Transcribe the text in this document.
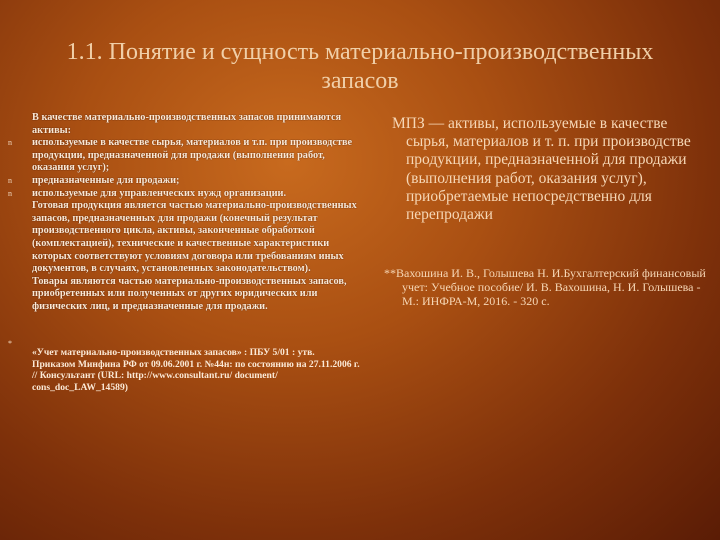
1.1. Понятие и сущность материально-производственных запасов

В качестве материально-производственных запасов принимаются активы:

n	используемые в качестве сырья, материалов и т.п. при производстве продукции, предназначенной для продажи (выполнения работ, оказания услуг);

n	предназначенные для продажи;

n	используемые для управленческих нужд организации.

Готовая продукция является частью материально-производственных запасов, предназначенных для продажи (конечный результат производственного цикла, активы, законченные обработкой (комплектацией), технические и качественные характеристики которых соответствуют условиям договора или требованиям иных документов, в случаях, установленных законодательством).

Товары являются частью материально-производственных запасов, приобретенных или полученных от других юридических или физических лиц, и предназначенные для продажи.

*

«Учет материально-производственных запасов» : ПБУ 5/01 : утв. Приказом Минфина РФ от 09.06.2001 г. №44н: по состоянию на 27.11.2006 г. // Консультант (URL: http://www.consultant.ru/ document/ cons_doc_LAW_14589)

МПЗ — активы, используемые в качестве сырья, материалов и т. п. при производстве продукции, предназначенной для продажи (выполнения работ, оказания услуг), приобретаемые непосредственно для перепродажи

**Вахошина И. В., Голышева Н. И.Бухгалтерский финансовый учет: Учебное пособие/ И. В. Вахошина, Н. И. Голышева - М.: ИНФРА-М, 2016. - 320 с.
